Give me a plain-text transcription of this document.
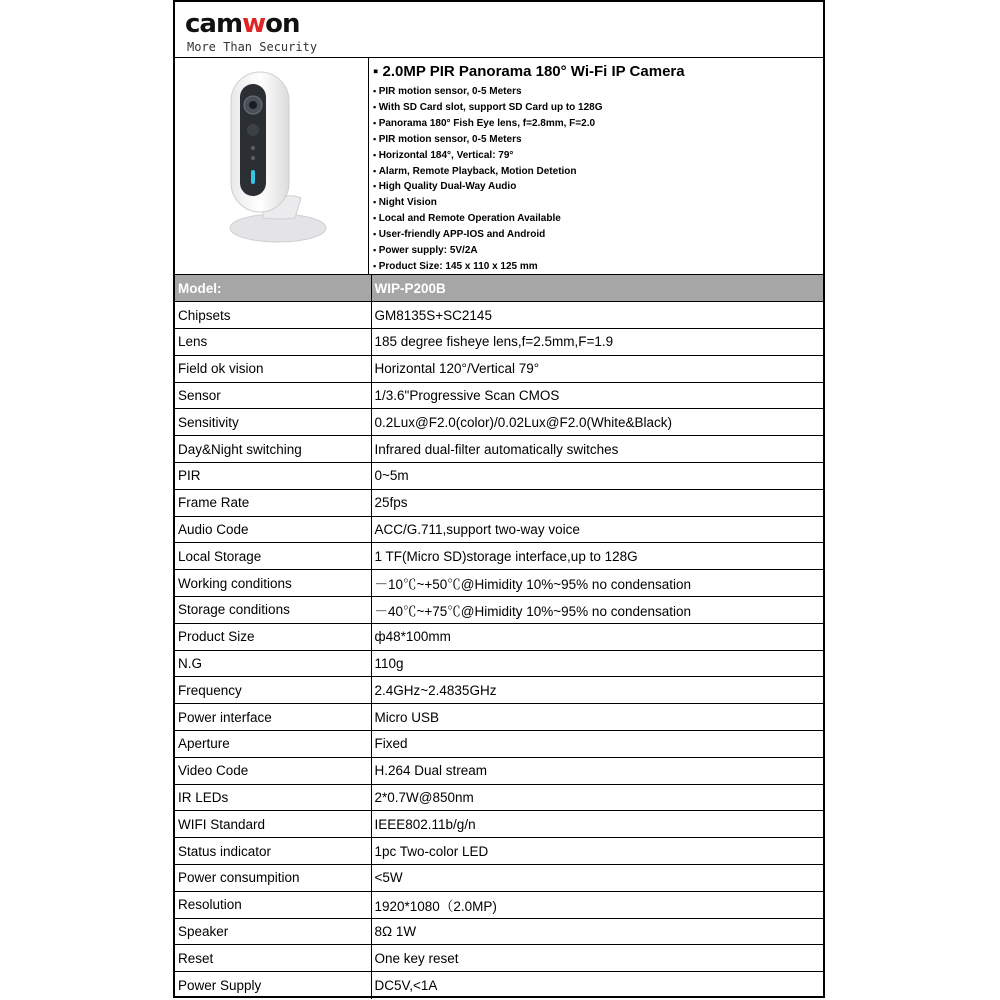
camwon
More Than Security
▪ 2.0MP PIR Panorama 180° Wi-Fi IP Camera
▪ PIR motion sensor, 0-5 Meters
▪ With SD Card slot, support SD Card up to 128G
▪ Panorama 180° Fish Eye lens, f=2.8mm, F=2.0
▪ PIR motion sensor, 0-5 Meters
▪ Horizontal 184°, Vertical: 79°
▪ Alarm, Remote Playback, Motion Detetion
▪ High Quality Dual-Way Audio
▪ Night Vision
▪ Local and Remote Operation Available
▪ User-friendly APP-IOS and Android
▪ Power supply: 5V/2A
▪ Product Size: 145 x 110 x 125 mm
Model:	WIP-P200B
Chipsets	GM8135S+SC2145
Lens	185 degree fisheye lens,f=2.5mm,F=1.9
Field ok vision	Horizontal 120°/Vertical 79°
Sensor	1/3.6"Progressive Scan CMOS
Sensitivity	0.2Lux@F2.0(color)/0.02Lux@F2.0(White&Black)
Day&Night switching	Infrared dual-filter automatically switches
PIR	0~5m
Frame Rate	25fps
Audio Code	ACC/G.711,support two-way voice
Local Storage	1 TF(Micro SD)storage interface,up to 128G
Working conditions	－10℃~+50℃@Himidity 10%~95% no condensation
Storage conditions	－40℃~+75℃@Himidity 10%~95% no condensation
Product Size	ф48*100mm
N.G	110g
Frequency	2.4GHz~2.4835GHz
Power interface	Micro USB
Aperture	Fixed
Video Code	H.264 Dual stream
IR LEDs	2*0.7W@850nm
WIFI Standard	IEEE802.11b/g/n
Status indicator	1pc Two-color LED
Power consumpition	<5W
Resolution	1920*1080（2.0MP)
Speaker	8Ω 1W
Reset	One key reset
Power Supply	DC5V,<1A
